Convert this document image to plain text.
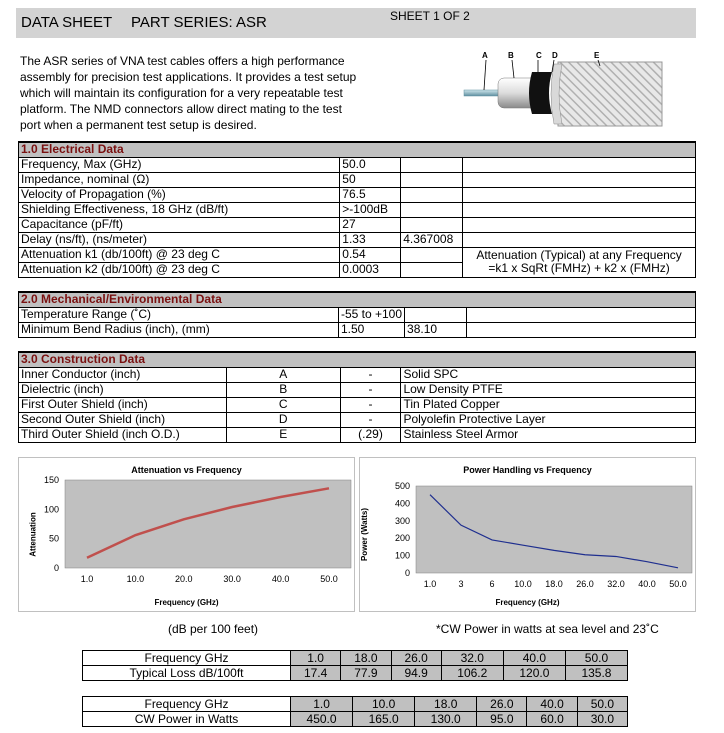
DATA SHEET PART SERIES: ASR	SHEET 1 OF 2
The ASR series of VNA test cables offers a high performance assembly for precision test applications. It provides a test setup which will maintain its configuration for a very repeatable test platform. The NMD connectors allow direct mating to the test port when a permanent test setup is desired.
A	B	C D	E
1.0 Electrical Data			
Frequency, Max (GHz)	50.0		
Impedance, nominal (Ω)	50		
Velocity of Propagation (%)	76.5		
Shielding Effectiveness, 18 GHz (dB/ft)	>-100dB		
Capacitance (pF/ft)	27		
Delay (ns/ft), (ns/meter)	1.33	4.367008	
Attenuation k1 (db/100ft) @ 23 deg C	0.54		Attenuation (Typical) at any Frequency
=k1 x SqRt (FMHz) + k2 x (FMHz)
Attenuation k2 (db/100ft) @ 23 deg C	0.0003		
2.0 Mechanical/Environmental Data			
Temperature Range (˚C)	-55 to +100		
Minimum Bend Radius (inch), (mm)	1.50	38.10	
3.0 Construction Data			
Inner Conductor (inch)	A	-	Solid SPC
Dielectric (inch)	B	-	Low Density PTFE
First Outer Shield (inch)	C	-	Tin Plated Copper
Second Outer Shield (inch)	D	-	Polyolefin Protective Layer
Third Outer Shield (inch O.D.)	E	(.29)	Stainless Steel Armor
Attenuation vs Frequency
Attenuation
Frequency (GHz)
150
100
50
0
1.0	10.0	20.0	30.0	40.0	50.0
(dB per 100 feet)
Power Handling vs Frequency
Power (Watts)
Frequency (GHz)
500
400
300
200
100
0
1.0 3	6 10.0 18.0 26.0 32.0 40.0 50.0
*CW Power in watts at sea level and 23˚C
Frequency GHz	1.0	18.0	26.0	32.0	40.0	50.0
Typical Loss dB/100ft	17.4	77.9	94.9	106.2	120.0	135.8
Frequency GHz	1.0	10.0	18.0	26.0	40.0	50.0
CW Power in Watts	450.0	165.0	130.0	95.0	60.0	30.0
